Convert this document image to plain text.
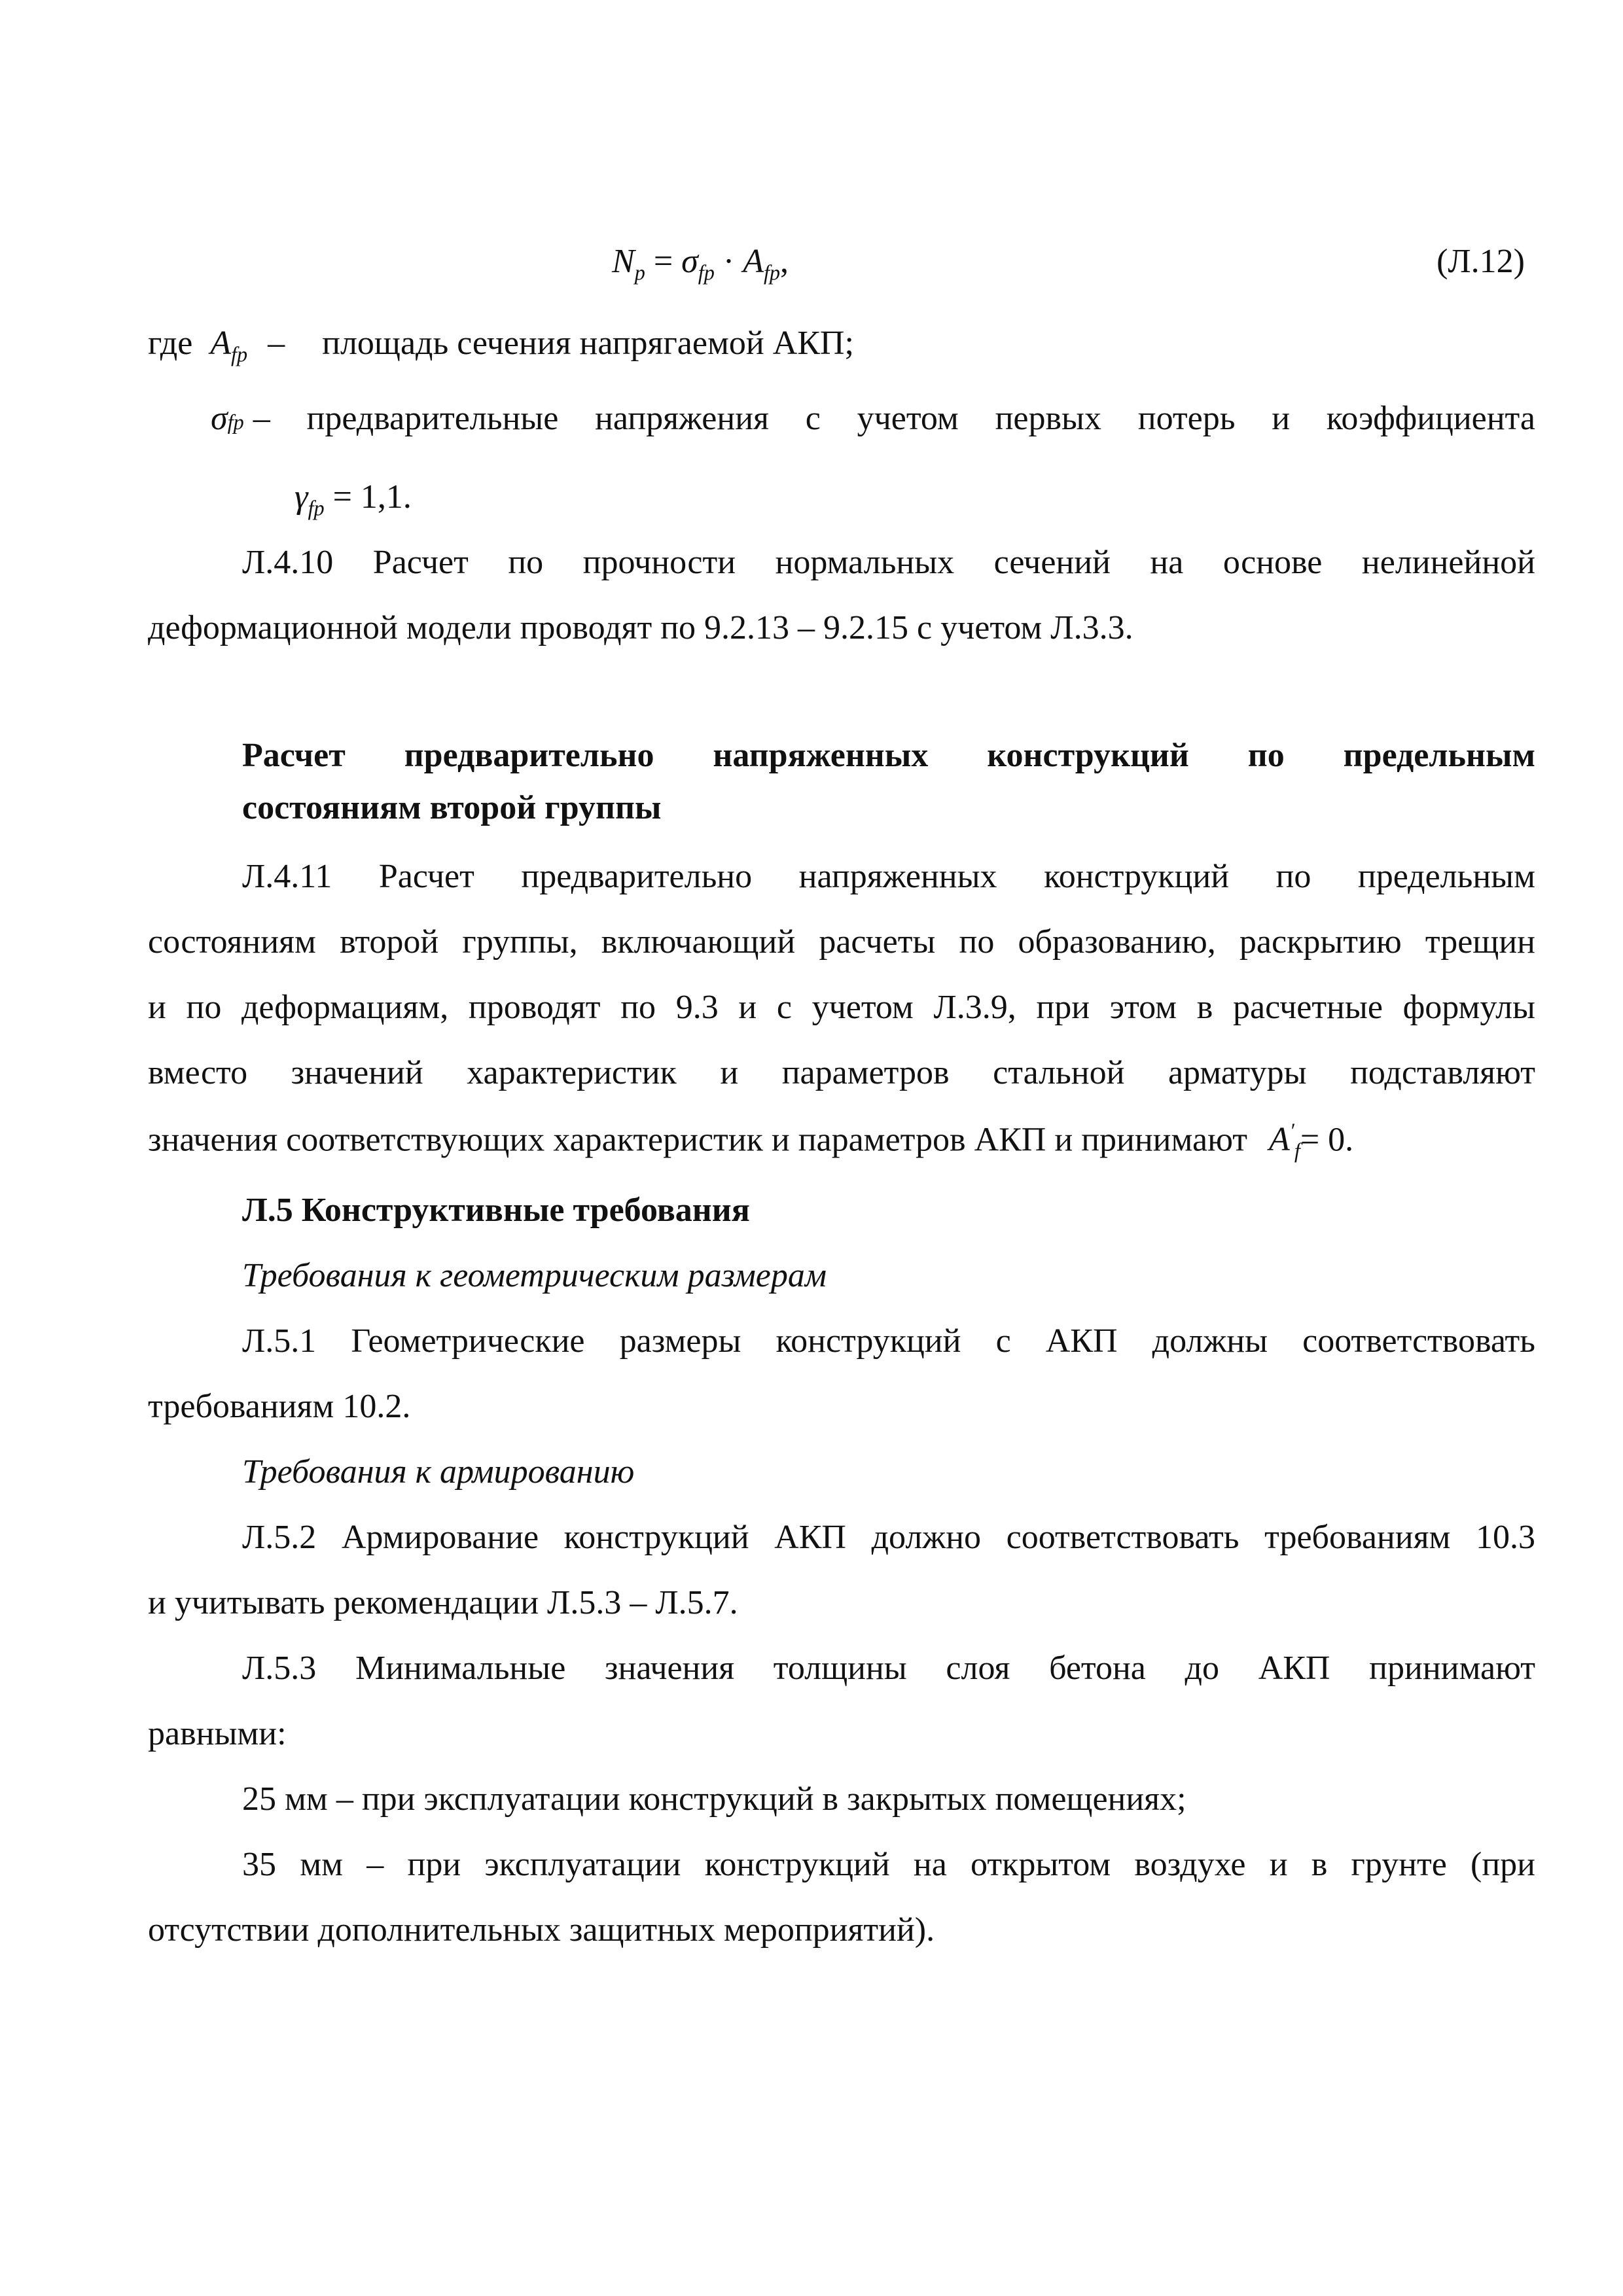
$N_p = \sigma_{fp} \cdot A_{fp}$,	(Л.12)
где $A_{fp}$ – площадь сечения напрягаемой АКП;
σ fp – предварительные напряжения с учетом первых потерь и коэффициента
$\gamma_{fp} = 1,1$.
Л.4.10 Расчет по прочности нормальных сечений на основе нелинейной
деформационной модели проводят по 9.2.13 – 9.2.15 с учетом Л.3.3.
Расчет предварительно напряженных конструкций по предельным
состояниям второй группы
Л.4.11 Расчет предварительно напряженных конструкций по предельным
состояниям второй группы, включающий расчеты по образованию, раскрытию трещин
и по деформациям, проводят по 9.3 и с учетом Л.3.9, при этом в расчетные формулы
вместо значений характеристик и параметров стальной арматуры подставляют
значения соответствующих характеристик и параметров АКП и принимают $A'_f= 0$.
Л.5 Конструктивные требования
Требования к геометрическим размерам
Л.5.1 Геометрические размеры конструкций с АКП должны соответствовать
требованиям 10.2.
Требования к армированию
Л.5.2 Армирование конструкций АКП должно соответствовать требованиям 10.3
и учитывать рекомендации Л.5.3 – Л.5.7.
Л.5.3 Минимальные значения толщины слоя бетона до АКП принимают
равными:
25 мм – при эксплуатации конструкций в закрытых помещениях;
35 мм – при эксплуатации конструкций на открытом воздухе и в грунте (при
отсутствии дополнительных защитных мероприятий).
